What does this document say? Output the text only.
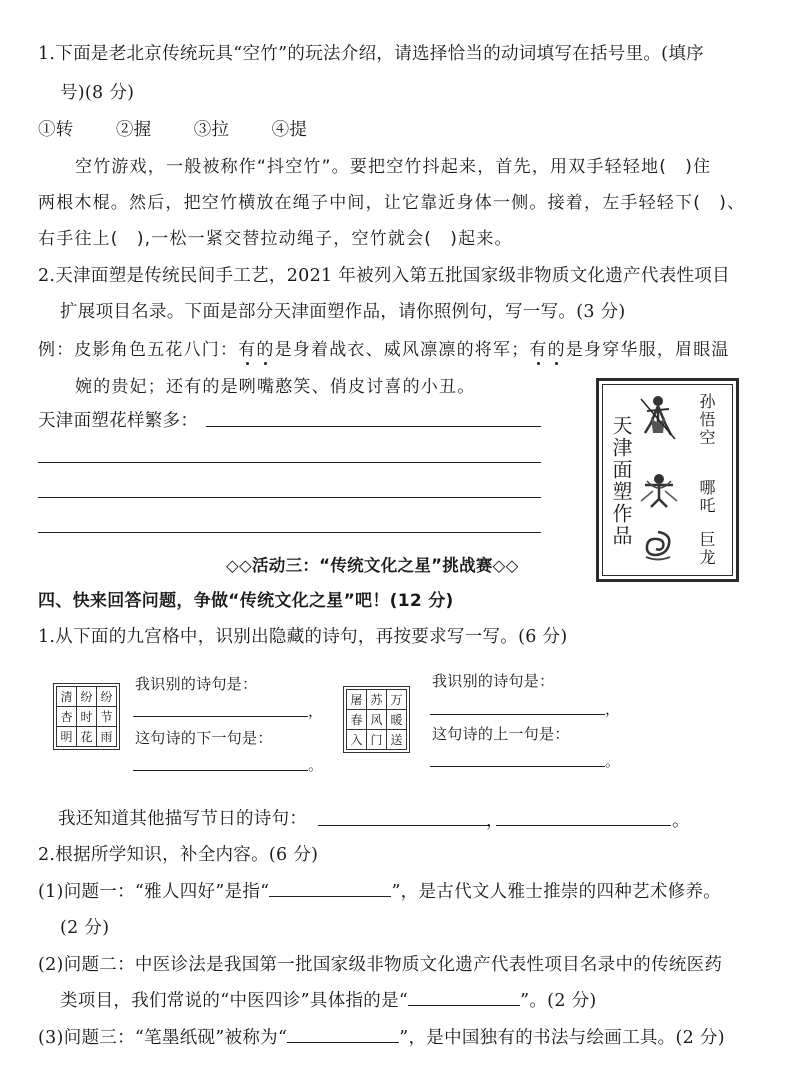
1.下面是老北京传统玩具“空竹”的玩法介绍，请选择恰当的动词填写在括号里。(填序
号)(8 分)
①转 ②握 ③拉 ④提
空竹游戏，一般被称作“抖空竹”。要把空竹抖起来，首先，用双手轻轻地(　)住
两根木棍。然后，把空竹横放在绳子中间，让它靠近身体一侧。接着，左手轻轻下(　)、
右手往上(　),一松一紧交替拉动绳子，空竹就会(　)起来。
2.天津面塑是传统民间手工艺，2021 年被列入第五批国家级非物质文化遗产代表性项目
扩展项目名录。下面是部分天津面塑作品，请你照例句，写一写。(3 分)
例：皮影角色五花八门：有的是身着战衣、威风凛凛的将军；有的是身穿华服，眉眼温
婉的贵妃；还有的是咧嘴憨笑、俏皮讨喜的小丑。
天津面塑花样繁多：	天津面塑作品	孙悟空
哪吒
巨龙
◇◇活动三：“传统文化之星”挑战赛◇◇
四、快来回答问题，争做“传统文化之星”吧！(12 分)
1.从下面的九宫格中，识别出隐藏的诗句，再按要求写一写。(6 分)
清	纷	纷
杏	时	节
明	花	雨
我识别的诗句是：
，
这句诗的下一句是：
。
屠	苏	万
春	风	暖
入	门	送
我识别的诗句是：
，
这句诗的上一句是：
。
我还知道其他描写节日的诗句：	，	。
2.根据所学知识，补全内容。(6 分)
(1)问题一：“雅人四好”是指“	”，是古代文人雅士推崇的四种艺术修养。
(2 分)
(2)问题二：中医诊法是我国第一批国家级非物质文化遗产代表性项目名录中的传统医药
类项目，我们常说的“中医四诊”具体指的是“	”。(2 分)
(3)问题三：“笔墨纸砚”被称为“	”，是中国独有的书法与绘画工具。(2 分)
